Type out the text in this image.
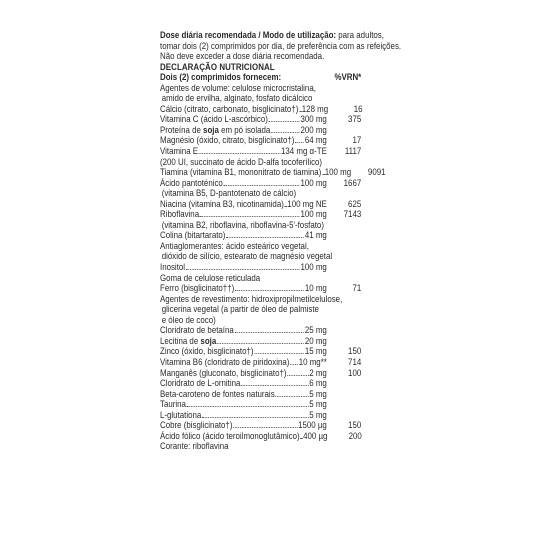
Dose diária recomendada / Modo de utilização: para adultos,
tomar dois (2) comprimidos por dia, de preferência com as refeições.
Não deve exceder a dose diária recomendada.
DECLARAÇÃO NUTRICIONAL
Dois (2) comprimidos fornecem:	%VRN*
Agentes de volume: celulose microcristalina,
amido de ervilha, alginato, fosfato dicálcico
Cálcio (citrato, carbonato, bisglicinato†) 128 mg	16
Vitamina C (ácido L-ascórbico)	300 mg	375
Proteína de soja em pó isolada	200 mg
Magnésio (óxido, citrato, bisglicinato†) 64 mg	17
Vitamina E	134 mg α-TE	1117
(200 UI, succinato de ácido D-alfa tocoferílico)
Tiamina (vitamina B1, mononitrato de tiamina) 100 mg	9091
Ácido pantoténico	100 mg	1667
(vitamina B5, D-pantotenato de cálcio)
Niacina (vitamina B3, nicotinamida) 100 mg NE	625
Riboflavina	100 mg	7143
(vitamina B2, riboflavina, riboflavina-5'-fosfato)
Colina (bitartarato)	41 mg
Antiaglomerantes: ácido esteárico vegetal,
dióxido de silício, estearato de magnésio vegetal
Inositol	100 mg
Goma de celulose reticulada
Ferro (bisglicinato††)	10 mg	71
Agentes de revestimento: hidroxipropilmetilcelulose,
glicerina vegetal (a partir de óleo de palmiste
e óleo de coco)
Cloridrato de betaína	25 mg
Lecitina de soja	20 mg
Zinco (óxido, bisglicinato†)	15 mg	150
Vitamina B6 (cloridrato de piridoxina) 10 mg**	714
Manganês (gluconato, bisglicinato†) 2 mg	100
Cloridrato de L-ornitina	6 mg
Beta-caroteno de fontes naturais	5 mg
Taurina	5 mg
L-glutationa	5 mg
Cobre (bisglicinato†)	1500 µg	150
Ácido fólico (ácido teroilmonoglutâmico) 400 µg	200
Corante: riboflavina
